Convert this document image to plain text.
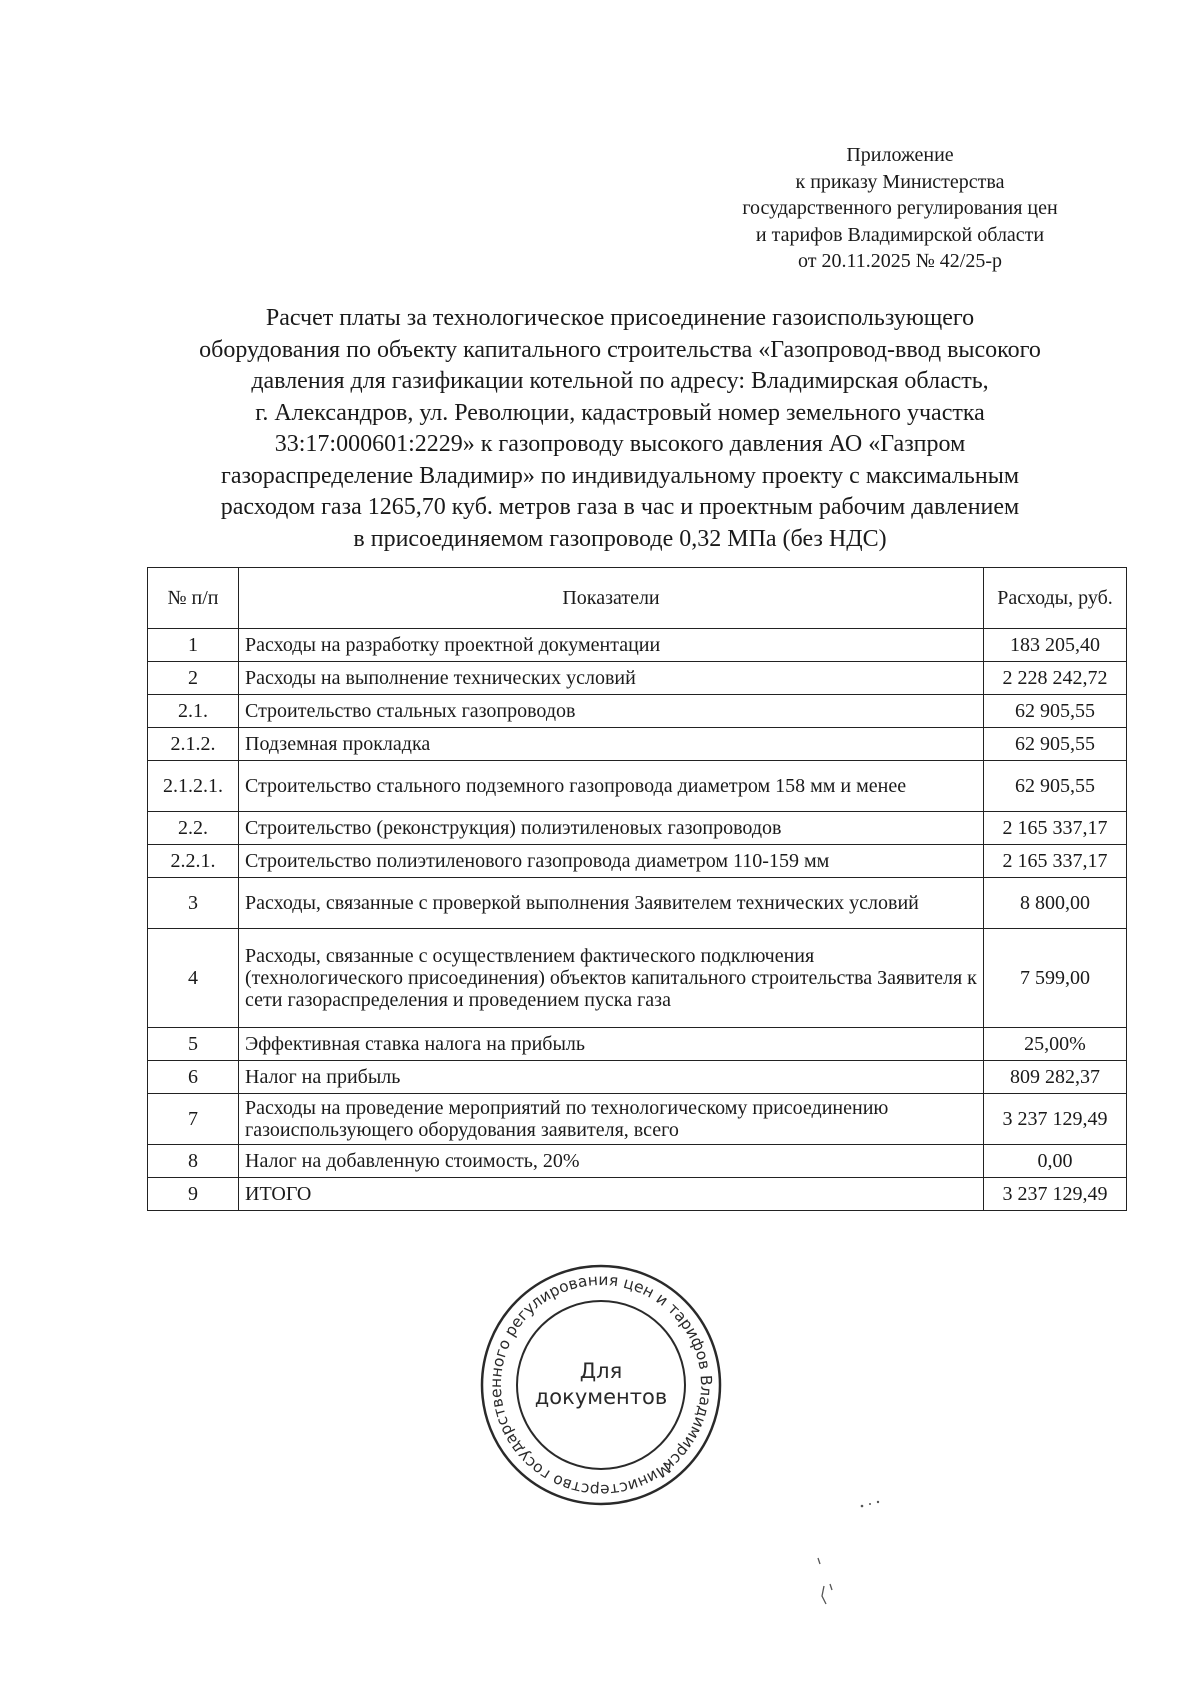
Приложение
к приказу Министерства
государственного регулирования цен
и тарифов Владимирской области
от 20.11.2025 № 42/25-р
Расчет платы за технологическое присоединение газоиспользующего
оборудования по объекту капитального строительства «Газопровод-ввод высокого
давления для газификации котельной по адресу: Владимирская область,
г. Александров, ул. Революции, кадастровый номер земельного участка
33:17:000601:2229» к газопроводу высокого давления АО «Газпром
газораспределение Владимир» по индивидуальному проекту с максимальным
расходом газа 1265,70 куб. метров газа в час и проектным рабочим давлением
в присоединяемом газопроводе 0,32 МПа (без НДС)
№ п/п	Показатели	Расходы, руб.
1	Расходы на разработку проектной документации	183 205,40
2	Расходы на выполнение технических условий	2 228 242,72
2.1.	Строительство стальных газопроводов	62 905,55
2.1.2.	Подземная прокладка	62 905,55
2.1.2.1.	Строительство стального подземного газопровода диаметром 158 мм и менее	62 905,55
2.2.	Строительство (реконструкция) полиэтиленовых газопроводов	2 165 337,17
2.2.1.	Строительство полиэтиленового газопровода диаметром 110-159 мм	2 165 337,17
3	Расходы, связанные с проверкой выполнения Заявителем технических условий	8 800,00
4	Расходы, связанные с осуществлением фактического подключения (технологического присоединения) объектов капитального строительства Заявителя к сети газораспределения и проведением пуска газа	7 599,00
5	Эффективная ставка налога на прибыль	25,00%
6	Налог на прибыль	809 282,37
7	Расходы на проведение мероприятий по технологическому присоединению газоиспользующего оборудования заявителя, всего	3 237 129,49
8	Налог на добавленную стоимость, 20%	0,00
9	ИТОГО	3 237 129,49
Министерство государственного регулирования цен и тарифов Владимирской
Для
документов
